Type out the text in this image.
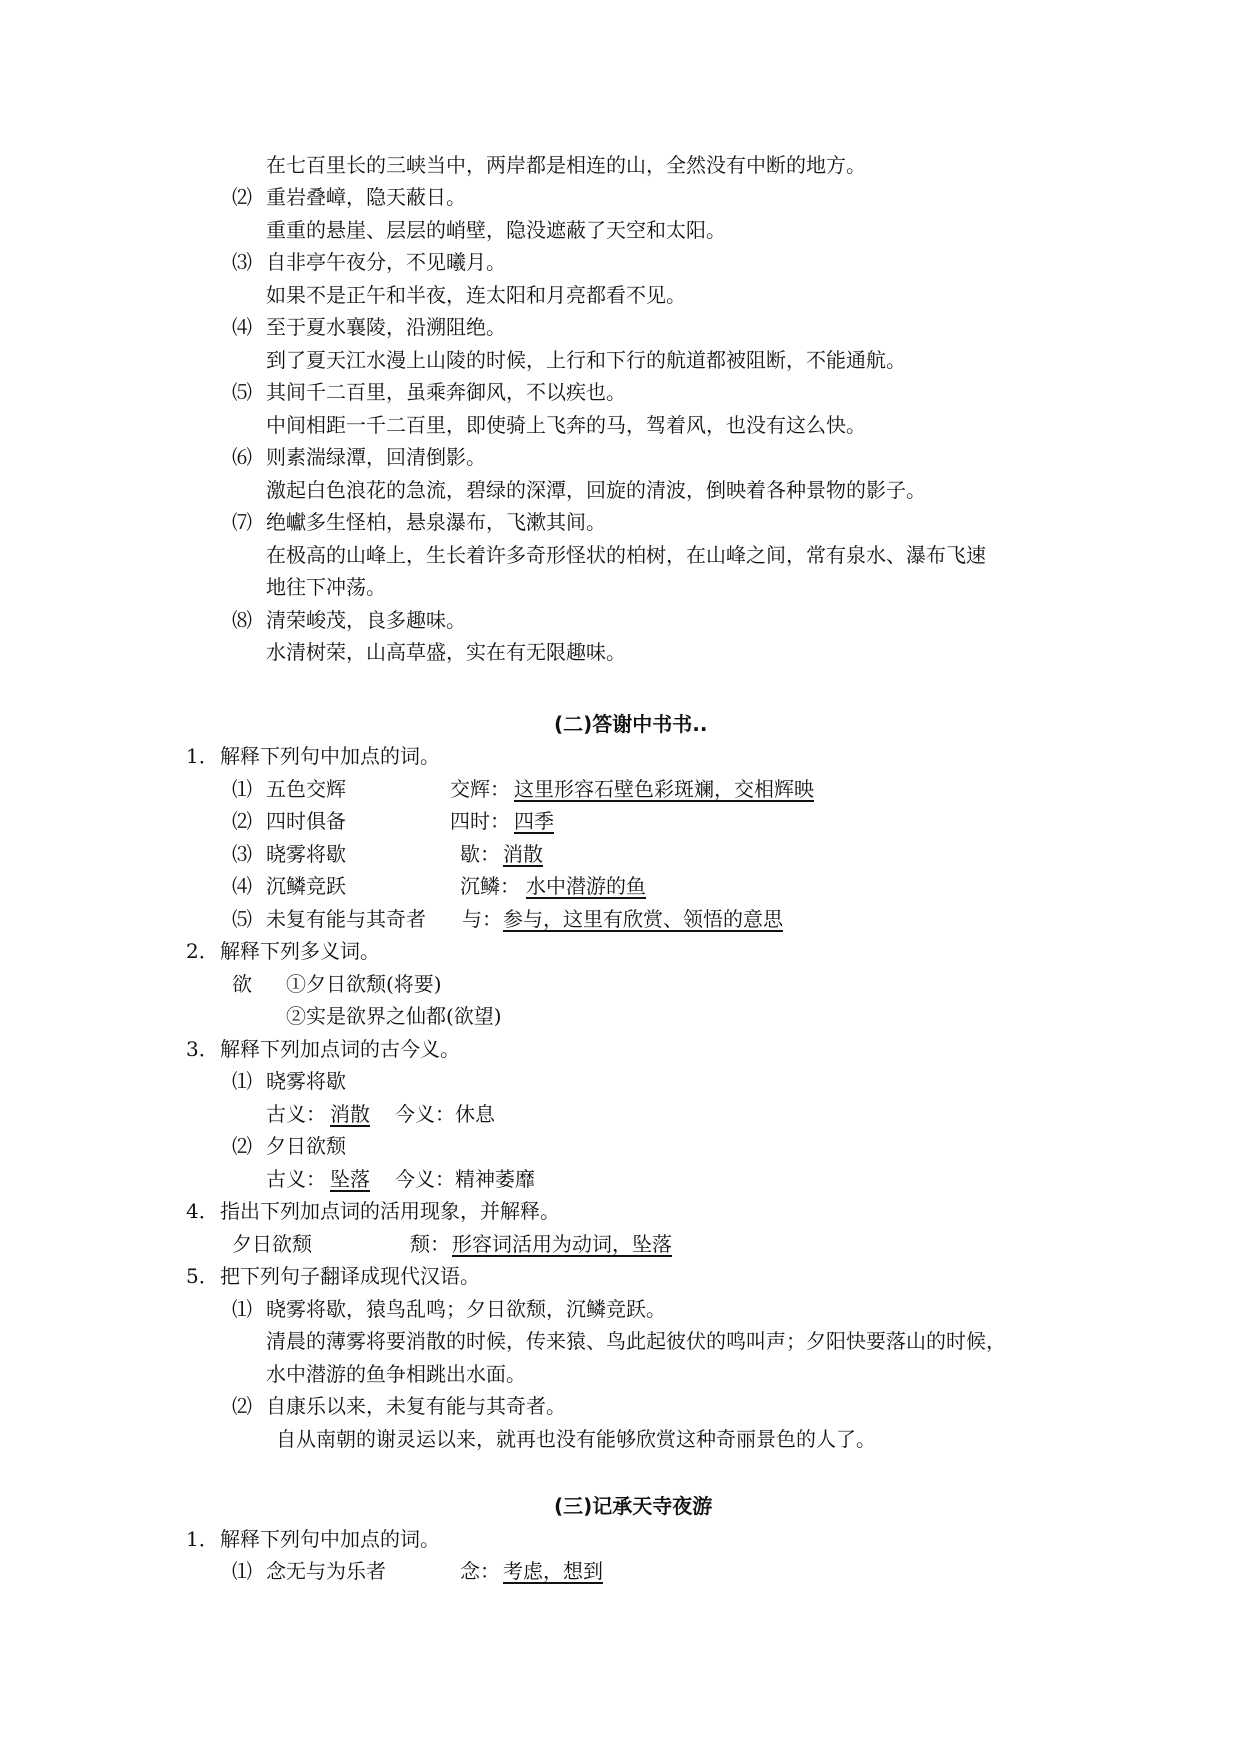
在七百里长的三峡当中，两岸都是相连的山，全然没有中断的地方。
⑵ 重岩叠嶂，隐天蔽日。
重重的悬崖、层层的峭壁，隐没遮蔽了天空和太阳。
⑶ 自非亭午夜分，不见曦月。
如果不是正午和半夜，连太阳和月亮都看不见。
⑷ 至于夏水襄陵，沿溯阻绝。
到了夏天江水漫上山陵的时候，上行和下行的航道都被阻断，不能通航。
⑸ 其间千二百里，虽乘奔御风，不以疾也。
中间相距一千二百里，即使骑上飞奔的马，驾着风，也没有这么快。
⑹ 则素湍绿潭，回清倒影。
激起白色浪花的急流，碧绿的深潭，回旋的清波，倒映着各种景物的影子。
⑺ 绝巘多生怪柏，悬泉瀑布，飞漱其间。
在极高的山峰上，生长着许多奇形怪状的柏树，在山峰之间，常有泉水、瀑布飞速
地往下冲荡。
⑻ 清荣峻茂，良多趣味。
水清树荣，山高草盛，实在有无限趣味。
(二)答谢中书书..
1． 解释下列句中加点的词。
⑴ 五色交辉	交辉： 这里形容石壁色彩斑斓，交相辉映
⑵ 四时俱备	四时： 四季
⑶ 晓雾将歇	歇： 消散
⑷ 沉鳞竞跃	沉鳞： 水中潜游的鱼
⑸ 未复有能与其奇者 与： 参与，这里有欣赏、领悟的意思
2． 解释下列多义词。
欲 ①夕日欲颓(将要)
②实是欲界之仙都(欲望)
3． 解释下列加点词的古今义。
⑴ 晓雾将歇
古义： 消散 今义：休息
⑵ 夕日欲颓
古义： 坠落 今义：精神萎靡
4． 指出下列加点词的活用现象，并解释。
夕日欲颓	颓： 形容词活用为动词，坠落
5． 把下列句子翻译成现代汉语。
⑴ 晓雾将歇，猿鸟乱鸣；夕日欲颓，沉鳞竞跃。
清晨的薄雾将要消散的时候，传来猿、鸟此起彼伏的鸣叫声；夕阳快要落山的时候，
水中潜游的鱼争相跳出水面。
⑵ 自康乐以来，未复有能与其奇者。
自从南朝的谢灵运以来，就再也没有能够欣赏这种奇丽景色的人了。
(三)记承天寺夜游
1． 解释下列句中加点的词。
⑴ 念无与为乐者	念： 考虑，想到
